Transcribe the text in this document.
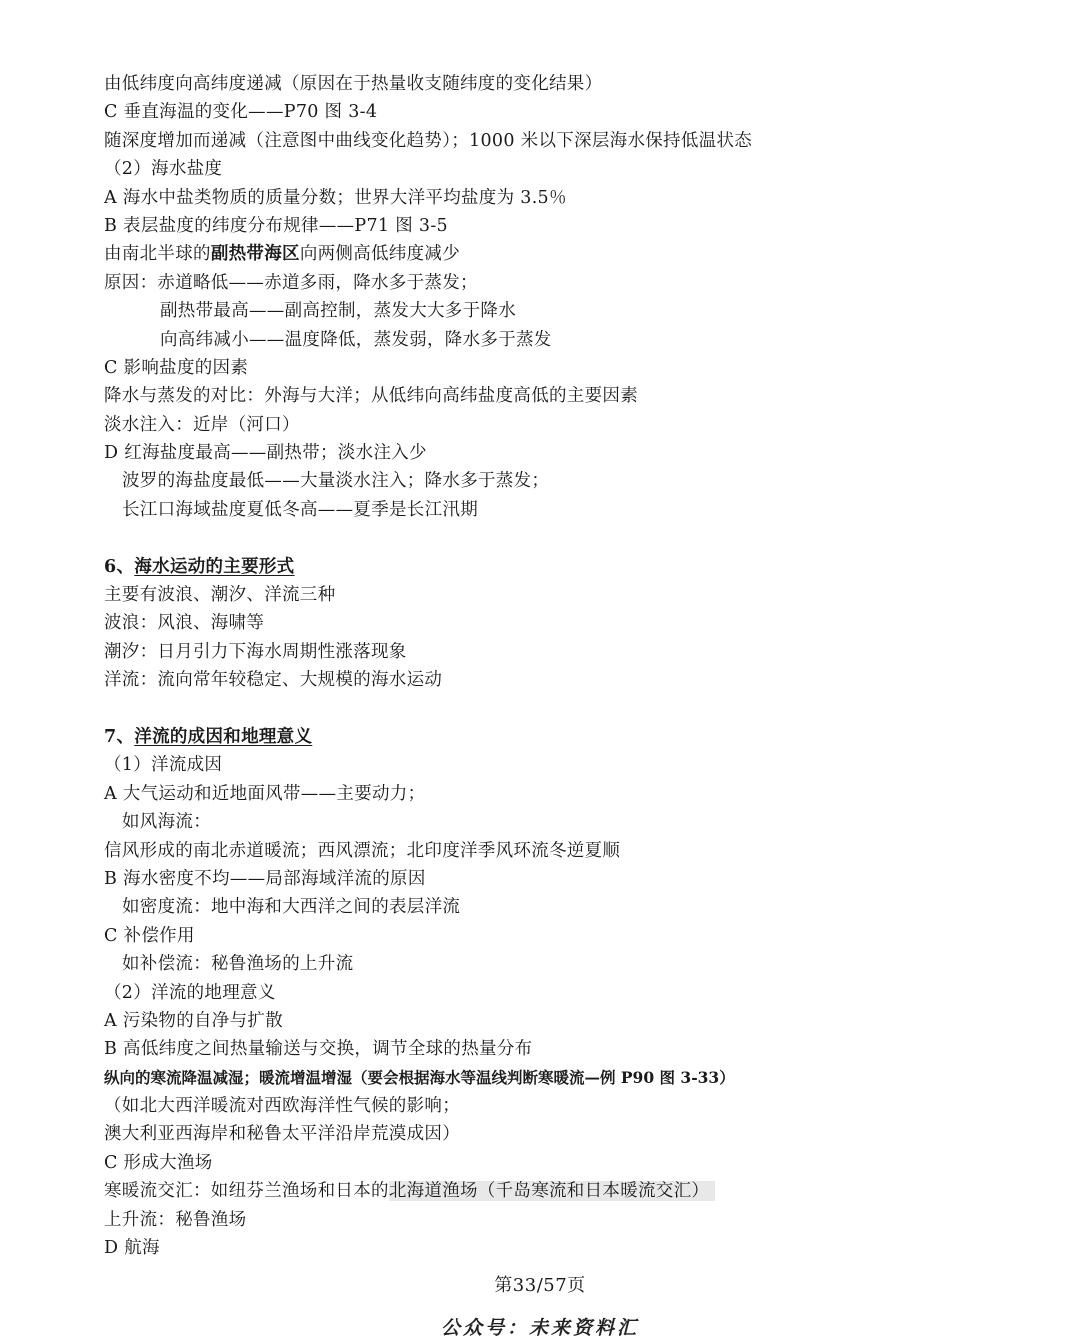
由低纬度向高纬度递减（原因在于热量收支随纬度的变化结果）
C 垂直海温的变化——P70 图 3-4
随深度增加而递减（注意图中曲线变化趋势）；1000 米以下深层海水保持低温状态
（2）海水盐度
A 海水中盐类物质的质量分数；世界大洋平均盐度为 3.5％
B 表层盐度的纬度分布规律——P71 图 3-5
由南北半球的副热带海区向两侧高低纬度减少
原因：赤道略低——赤道多雨，降水多于蒸发；
副热带最高——副高控制，蒸发大大多于降水
向高纬减小——温度降低，蒸发弱，降水多于蒸发
C 影响盐度的因素
降水与蒸发的对比：外海与大洋；从低纬向高纬盐度高低的主要因素
淡水注入：近岸（河口）
D 红海盐度最高——副热带；淡水注入少
波罗的海盐度最低——大量淡水注入；降水多于蒸发；
长江口海域盐度夏低冬高——夏季是长江汛期
6、海水运动的主要形式
主要有波浪、潮汐、洋流三种
波浪：风浪、海啸等
潮汐：日月引力下海水周期性涨落现象
洋流：流向常年较稳定、大规模的海水运动
7、洋流的成因和地理意义
（1）洋流成因
A 大气运动和近地面风带——主要动力；
如风海流：
信风形成的南北赤道暖流；西风漂流；北印度洋季风环流冬逆夏顺
B 海水密度不均——局部海域洋流的原因
如密度流：地中海和大西洋之间的表层洋流
C 补偿作用
如补偿流：秘鲁渔场的上升流
（2）洋流的地理意义
A 污染物的自净与扩散
B 高低纬度之间热量输送与交换，调节全球的热量分布
纵向的寒流降温减湿；暖流增温增湿（要会根据海水等温线判断寒暖流—例 P90 图 3-33）
（如北大西洋暖流对西欧海洋性气候的影响；
澳大利亚西海岸和秘鲁太平洋沿岸荒漠成因）
C 形成大渔场
寒暖流交汇：如纽芬兰渔场和日本的北海道渔场（千岛寒流和日本暖流交汇）
上升流：秘鲁渔场
D 航海
第33/57页
公众号：未来资料汇
